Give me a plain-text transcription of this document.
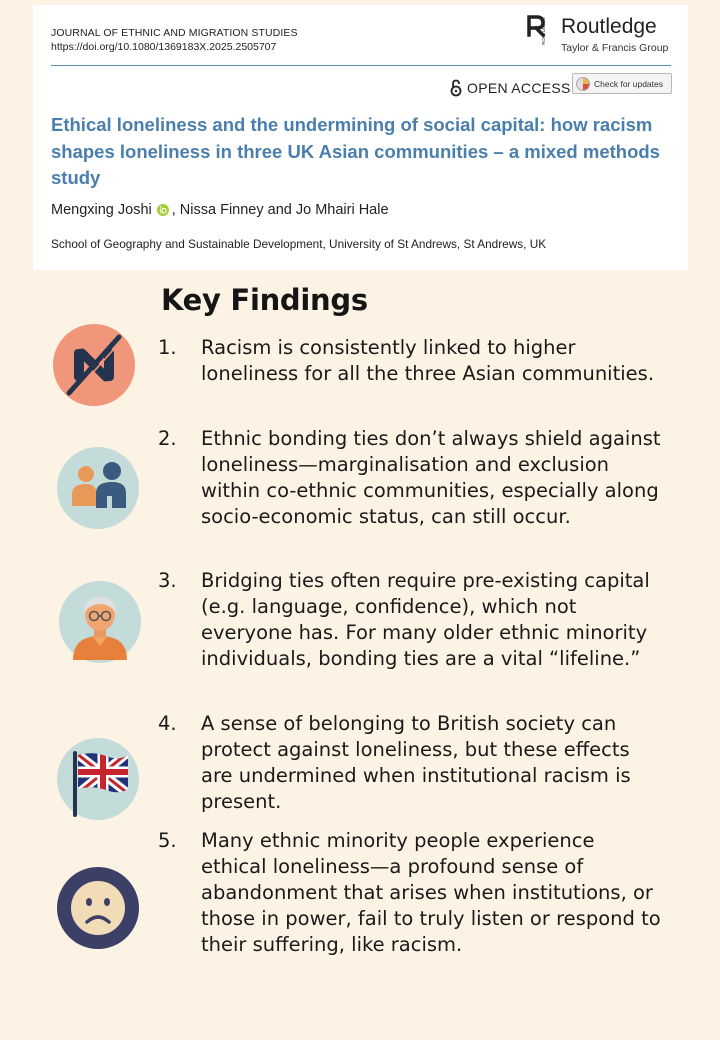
JOURNAL OF ETHNIC AND MIGRATION STUDIES
https://doi.org/10.1080/1369183X.2025.2505707
ROUTLEDGE Routledge
Taylor & Francis Group
OPEN ACCESS	Check for updates
Ethical loneliness and the undermining of social capital: how racism shapes loneliness in three UK Asian communities – a mixed methods study
Mengxing Joshi , Nissa Finney and Jo Mhairi Hale
School of Geography and Sustainable Development, University of St Andrews, St Andrews, UK
Key Findings
1. Racism is consistently linked to higher loneliness for all the three Asian communities.
2. Ethnic bonding ties don’t always shield against loneliness—marginalisation and exclusion within co-ethnic communities, especially along socio-economic status, can still occur.
3. Bridging ties often require pre-existing capital (e.g. language, confidence), which not everyone has. For many older ethnic minority individuals, bonding ties are a vital “lifeline.”
4. A sense of belonging to British society can protect against loneliness, but these effects are undermined when institutional racism is present.
5. Many ethnic minority people experience ethical loneliness—a profound sense of abandonment that arises when institutions, or those in power, fail to truly listen or respond to their suffering, like racism.
